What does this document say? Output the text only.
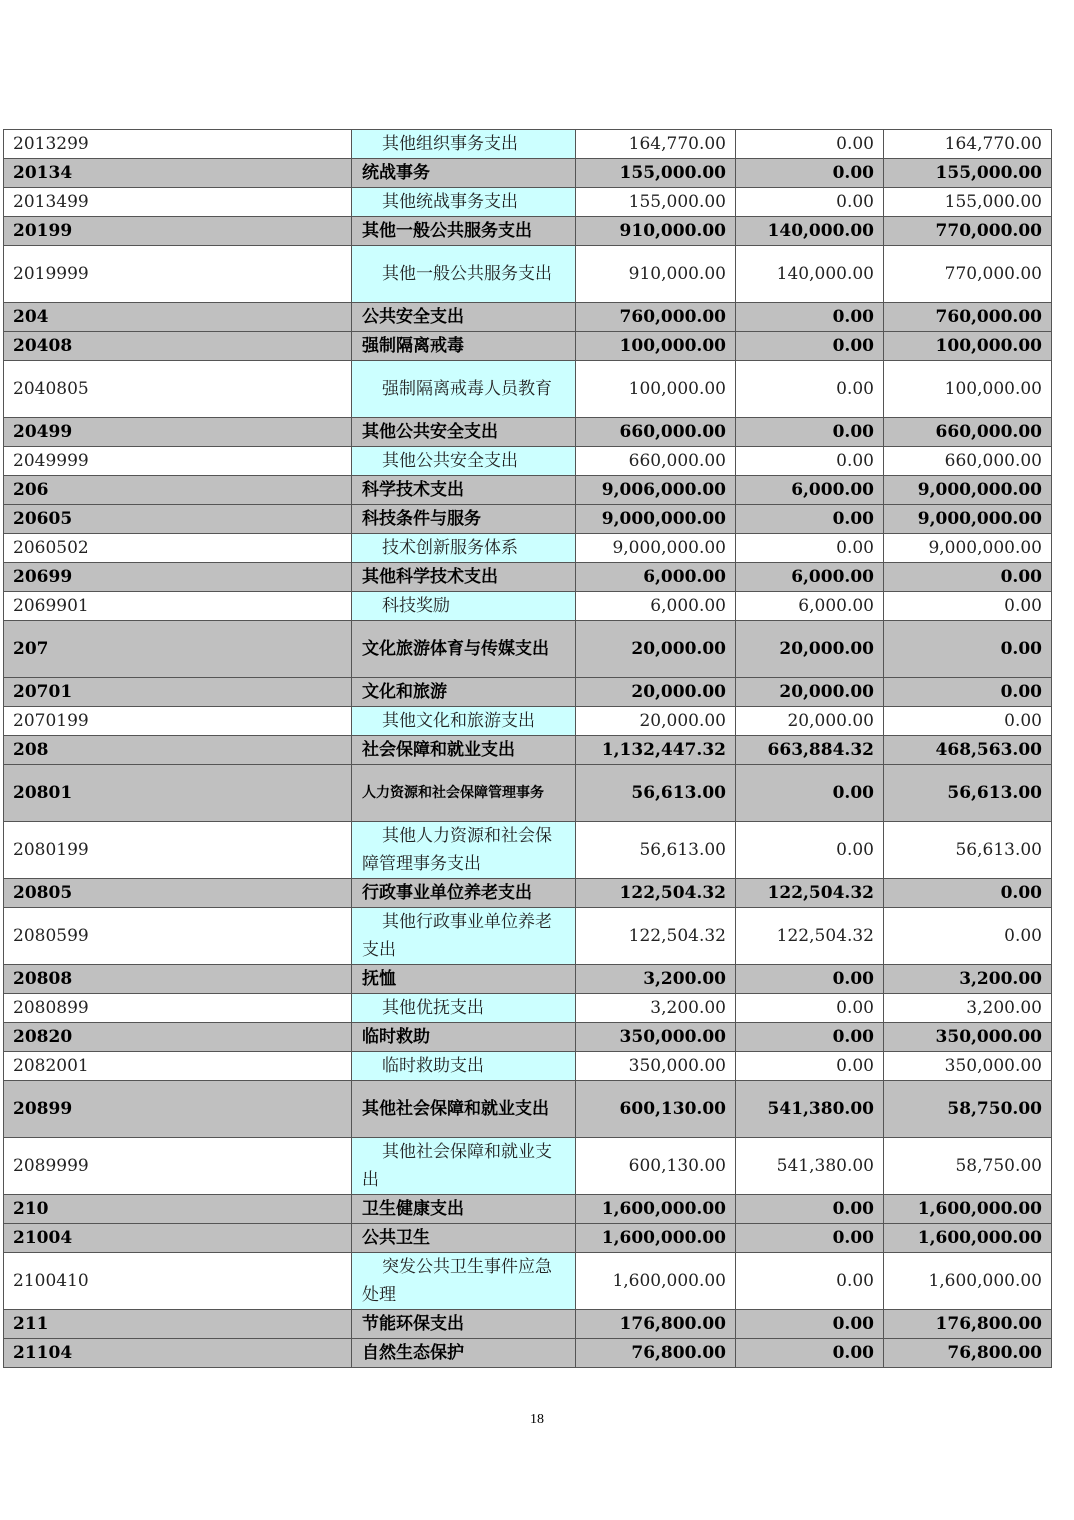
2013299	其他组织事务支出	164,770.00	0.00	164,770.00
20134	统战事务	155,000.00	0.00	155,000.00
2013499	其他统战事务支出	155,000.00	0.00	155,000.00
20199	其他一般公共服务支出	910,000.00	140,000.00	770,000.00
2019999	其他一般公共服务支出	910,000.00	140,000.00	770,000.00
204	公共安全支出	760,000.00	0.00	760,000.00
20408	强制隔离戒毒	100,000.00	0.00	100,000.00
2040805	强制隔离戒毒人员教育	100,000.00	0.00	100,000.00
20499	其他公共安全支出	660,000.00	0.00	660,000.00
2049999	其他公共安全支出	660,000.00	0.00	660,000.00
206	科学技术支出	9,006,000.00	6,000.00	9,000,000.00
20605	科技条件与服务	9,000,000.00	0.00	9,000,000.00
2060502	技术创新服务体系	9,000,000.00	0.00	9,000,000.00
20699	其他科学技术支出	6,000.00	6,000.00	0.00
2069901	科技奖励	6,000.00	6,000.00	0.00
207	文化旅游体育与传媒支出	20,000.00	20,000.00	0.00
20701	文化和旅游	20,000.00	20,000.00	0.00
2070199	其他文化和旅游支出	20,000.00	20,000.00	0.00
208	社会保障和就业支出	1,132,447.32	663,884.32	468,563.00
20801	人力资源和社会保障管理事务	56,613.00	0.00	56,613.00
2080199	其他人力资源和社会保障管理事务支出	56,613.00	0.00	56,613.00
20805	行政事业单位养老支出	122,504.32	122,504.32	0.00
2080599	其他行政事业单位养老支出	122,504.32	122,504.32	0.00
20808	抚恤	3,200.00	0.00	3,200.00
2080899	其他优抚支出	3,200.00	0.00	3,200.00
20820	临时救助	350,000.00	0.00	350,000.00
2082001	临时救助支出	350,000.00	0.00	350,000.00
20899	其他社会保障和就业支出	600,130.00	541,380.00	58,750.00
2089999	其他社会保障和就业支出	600,130.00	541,380.00	58,750.00
210	卫生健康支出	1,600,000.00	0.00	1,600,000.00
21004	公共卫生	1,600,000.00	0.00	1,600,000.00
2100410	突发公共卫生事件应急处理	1,600,000.00	0.00	1,600,000.00
211	节能环保支出	176,800.00	0.00	176,800.00
21104	自然生态保护	76,800.00	0.00	76,800.00
18
